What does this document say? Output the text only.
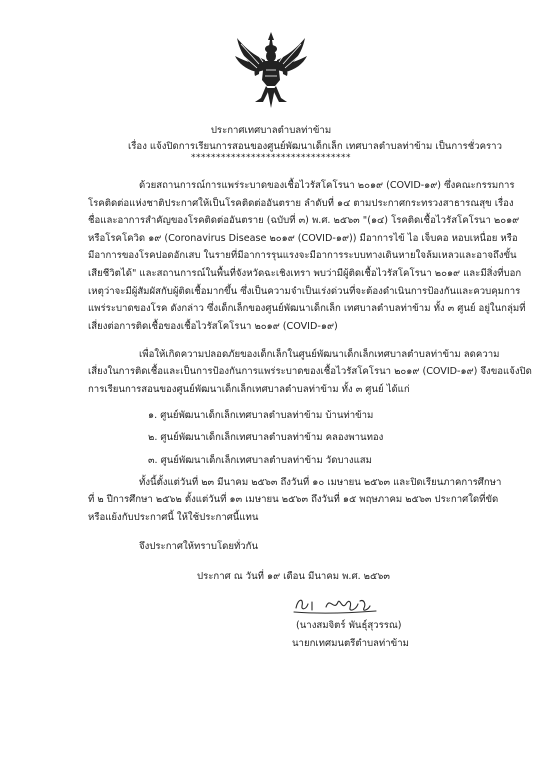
ประกาศเทศบาลตำบลท่าข้าม
เรื่อง แจ้งปิดการเรียนการสอนของศูนย์พัฒนาเด็กเล็ก เทศบาลตำบลท่าข้าม เป็นการชั่วคราว
********************************
ด้วยสถานการณ์การแพร่ระบาดของเชื้อไวรัสโคโรนา ๒๐๑๙ (COVID-๑๙) ซึ่งคณะกรรมการ
โรคติดต่อแห่งชาติประกาศให้เป็นโรคติดต่ออันตราย ลำดับที่ ๑๔ ตามประกาศกระทรวงสาธารณสุข เรื่อง
ชื่อและอาการสำคัญของโรคติดต่ออันตราย (ฉบับที่ ๓) พ.ศ. ๒๕๖๓ "(๑๔) โรคติดเชื้อไวรัสโคโรนา ๒๐๑๙
หรือโรคโควิด ๑๙ (Coronavirus Disease ๒๐๑๙ (COVID-๑๙)) มีอาการไข้ ไอ เจ็บคอ หอบเหนื่อย หรือ
มีอาการของโรคปอดอักเสบ ในรายที่มีอาการรุนแรงจะมีอาการระบบทางเดินหายใจล้มเหลวและอาจถึงขั้น
เสียชีวิตได้" และสถานการณ์ในพื้นที่จังหวัดฉะเชิงเทรา พบว่ามีผู้ติดเชื้อไวรัสโคโรนา ๒๐๑๙ และมีสิ่งที่บอก
เหตุว่าจะมีผู้สัมผัสกับผู้ติดเชื้อมากขึ้น ซึ่งเป็นความจำเป็นเร่งด่วนที่จะต้องดำเนินการป้องกันและควบคุมการ
แพร่ระบาดของโรค ดังกล่าว ซึ่งเด็กเล็กของศูนย์พัฒนาเด็กเล็ก เทศบาลตำบลท่าข้าม ทั้ง ๓ ศูนย์ อยู่ในกลุ่มที่
เสี่ยงต่อการติดเชื้อของเชื้อไวรัสโคโรนา ๒๐๑๙ (COVID-๑๙)
เพื่อให้เกิดความปลอดภัยของเด็กเล็กในศูนย์พัฒนาเด็กเล็กเทศบาลตำบลท่าข้าม ลดความ
เสี่ยงในการติดเชื้อและเป็นการป้องกันการแพร่ระบาดของเชื้อไวรัสโคโรนา ๒๐๑๙ (COVID-๑๙) จึงขอแจ้งปิด
การเรียนการสอนของศูนย์พัฒนาเด็กเล็กเทศบาลตำบลท่าข้าม ทั้ง ๓ ศูนย์ ได้แก่
๑. ศูนย์พัฒนาเด็กเล็กเทศบาลตำบลท่าข้าม บ้านท่าข้าม
๒. ศูนย์พัฒนาเด็กเล็กเทศบาลตำบลท่าข้าม คลองพานทอง
๓. ศูนย์พัฒนาเด็กเล็กเทศบาลตำบลท่าข้าม วัดบางแสม
ทั้งนี้ตั้งแต่วันที่ ๒๓ มีนาคม ๒๕๖๓ ถึงวันที่ ๑๐ เมษายน ๒๕๖๓ และปิดเรียนภาคการศึกษา
ที่ ๒ ปีการศึกษา ๒๕๖๒ ตั้งแต่วันที่ ๑๓ เมษายน ๒๕๖๓ ถึงวันที่ ๑๕ พฤษภาคม ๒๕๖๓ ประกาศใดที่ขัด
หรือแย้งกับประกาศนี้ ให้ใช้ประกาศนี้แทน
จึงประกาศให้ทราบโดยทั่วกัน
ประกาศ ณ วันที่ ๑๙ เดือน มีนาคม พ.ศ. ๒๕๖๓
(นางสมจิตร์ พันธุ์สุวรรณ)
นายกเทศมนตรีตำบลท่าข้าม
